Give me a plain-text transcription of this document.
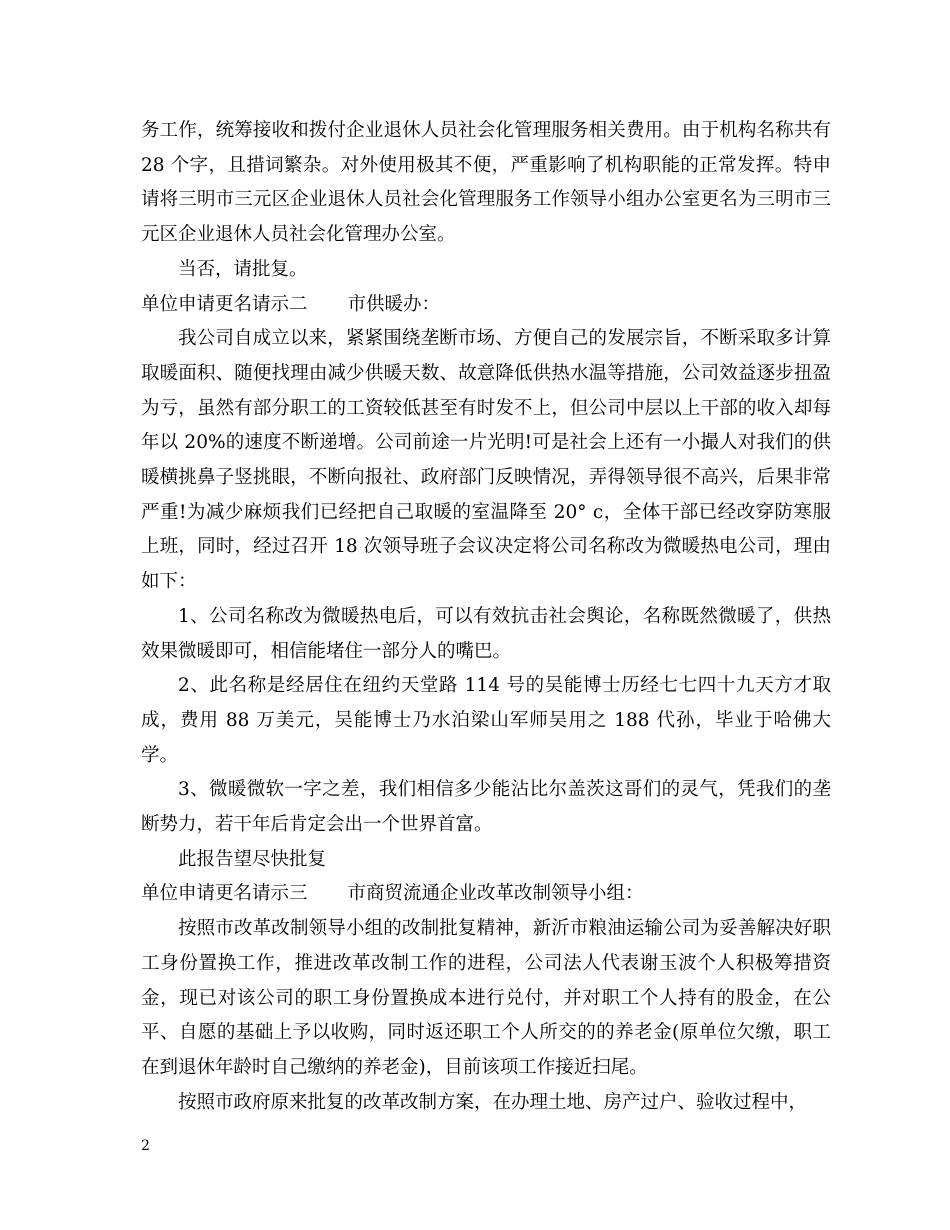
务工作，统筹接收和拨付企业退休人员社会化管理服务相关费用。由于机构名称共有 28 个字，且措词繁杂。对外使用极其不便，严重影响了机构职能的正常发挥。特申请将三明市三元区企业退休人员社会化管理服务工作领导小组办公室更名为三明市三元区企业退休人员社会化管理办公室。

当否，请批复。

单位申请更名请示二 市供暖办：

我公司自成立以来，紧紧围绕垄断市场、方便自己的发展宗旨，不断采取多计算取暖面积、随便找理由减少供暖天数、故意降低供热水温等措施，公司效益逐步扭盈为亏，虽然有部分职工的工资较低甚至有时发不上，但公司中层以上干部的收入却每年以 20%的速度不断递增。公司前途一片光明!可是社会上还有一小撮人对我们的供暖横挑鼻子竖挑眼，不断向报社、政府部门反映情况，弄得领导很不高兴，后果非常严重!为减少麻烦我们已经把自己取暖的室温降至 20° c，全体干部已经改穿防寒服上班，同时，经过召开 18 次领导班子会议决定将公司名称改为微暖热电公司，理由如下：

1、公司名称改为微暖热电后，可以有效抗击社会舆论，名称既然微暖了，供热效果微暖即可，相信能堵住一部分人的嘴巴。

2、此名称是经居住在纽约天堂路 114 号的吴能博士历经七七四十九天方才取成，费用 88 万美元，吴能博士乃水泊梁山军师吴用之 188 代孙，毕业于哈佛大学。

3、微暖微软一字之差，我们相信多少能沾比尔盖茨这哥们的灵气，凭我们的垄断势力，若干年后肯定会出一个世界首富。

此报告望尽快批复

单位申请更名请示三 市商贸流通企业改革改制领导小组：

按照市改革改制领导小组的改制批复精神，新沂市粮油运输公司为妥善解决好职工身份置换工作，推进改革改制工作的进程，公司法人代表谢玉波个人积极筹措资金，现已对该公司的职工身份置换成本进行兑付，并对职工个人持有的股金，在公平、自愿的基础上予以收购，同时返还职工个人所交的的养老金(原单位欠缴，职工在到退休年龄时自己缴纳的养老金)，目前该项工作接近扫尾。

按照市政府原来批复的改革改制方案，在办理土地、房产过户、验收过程中，

2
